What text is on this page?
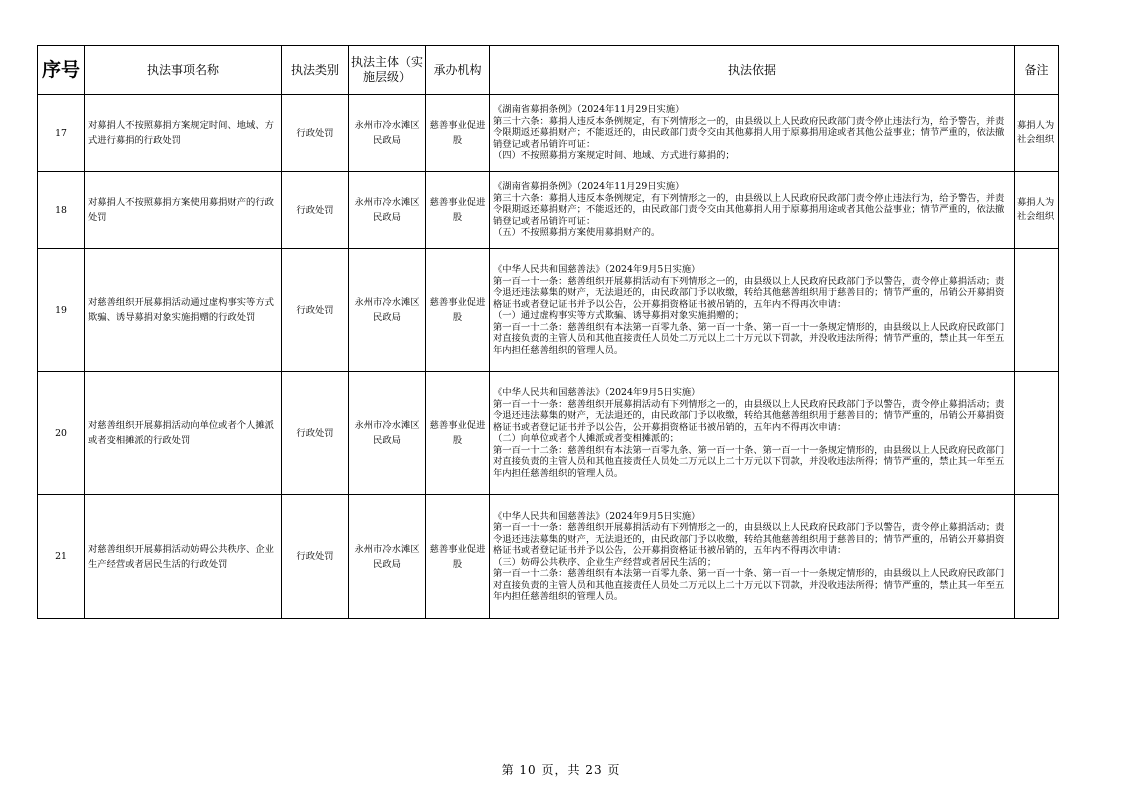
序号	执法事项名称	执法类别	执法主体（实施层级）	承办机构	执法依据	备注
17	对募捐人不按照募捐方案规定时间、地域、方式进行募捐的行政处罚	行政处罚	永州市冷水滩区民政局	慈善事业促进股	《湖南省募捐条例》（2024年11月29日实施）
第三十六条：募捐人违反本条例规定，有下列情形之一的，由县级以上人民政府民政部门责令停止违法行为，给予警告，并责令限期返还募捐财产；不能返还的，由民政部门责令交由其他募捐人用于原募捐用途或者其他公益事业；情节严重的，依法撤销登记或者吊销许可证：
（四）不按照募捐方案规定时间、地域、方式进行募捐的；	募捐人为社会组织
18	对募捐人不按照募捐方案使用募捐财产的行政处罚	行政处罚	永州市冷水滩区民政局	慈善事业促进股	《湖南省募捐条例》（2024年11月29日实施）
第三十六条：募捐人违反本条例规定，有下列情形之一的，由县级以上人民政府民政部门责令停止违法行为，给予警告，并责令限期返还募捐财产；不能返还的，由民政部门责令交由其他募捐人用于原募捐用途或者其他公益事业；情节严重的，依法撤销登记或者吊销许可证：
（五）不按照募捐方案使用募捐财产的。	募捐人为社会组织
19	对慈善组织开展募捐活动通过虚构事实等方式欺骗、诱导募捐对象实施捐赠的行政处罚	行政处罚	永州市冷水滩区民政局	慈善事业促进股	《中华人民共和国慈善法》（2024年9月5日实施）
第一百一十一条：慈善组织开展募捐活动有下列情形之一的，由县级以上人民政府民政部门予以警告，责令停止募捐活动；责令退还违法募集的财产，无法退还的，由民政部门予以收缴，转给其他慈善组织用于慈善目的；情节严重的，吊销公开募捐资格证书或者登记证书并予以公告，公开募捐资格证书被吊销的，五年内不得再次申请：
（一）通过虚构事实等方式欺骗、诱导募捐对象实施捐赠的；
第一百一十二条：慈善组织有本法第一百零九条、第一百一十条、第一百一十一条规定情形的，由县级以上人民政府民政部门对直接负责的主管人员和其他直接责任人员处二万元以上二十万元以下罚款，并没收违法所得；情节严重的，禁止其一年至五年内担任慈善组织的管理人员。	

20	对慈善组织开展募捐活动向单位或者个人摊派或者变相摊派的行政处罚	行政处罚	永州市冷水滩区民政局	慈善事业促进股	《中华人民共和国慈善法》（2024年9月5日实施）
第一百一十一条：慈善组织开展募捐活动有下列情形之一的，由县级以上人民政府民政部门予以警告，责令停止募捐活动；责令退还违法募集的财产，无法退还的，由民政部门予以收缴，转给其他慈善组织用于慈善目的；情节严重的，吊销公开募捐资格证书或者登记证书并予以公告，公开募捐资格证书被吊销的，五年内不得再次申请：
（二）向单位或者个人摊派或者变相摊派的；
第一百一十二条：慈善组织有本法第一百零九条、第一百一十条、第一百一十一条规定情形的，由县级以上人民政府民政部门对直接负责的主管人员和其他直接责任人员处二万元以上二十万元以下罚款，并没收违法所得；情节严重的，禁止其一年至五年内担任慈善组织的管理人员。	

21	对慈善组织开展募捐活动妨碍公共秩序、企业生产经营或者居民生活的行政处罚	行政处罚	永州市冷水滩区民政局	慈善事业促进股	《中华人民共和国慈善法》（2024年9月5日实施）
第一百一十一条：慈善组织开展募捐活动有下列情形之一的，由县级以上人民政府民政部门予以警告，责令停止募捐活动；责令退还违法募集的财产，无法退还的，由民政部门予以收缴，转给其他慈善组织用于慈善目的；情节严重的，吊销公开募捐资格证书或者登记证书并予以公告，公开募捐资格证书被吊销的，五年内不得再次申请：
（三）妨碍公共秩序、企业生产经营或者居民生活的；
第一百一十二条：慈善组织有本法第一百零九条、第一百一十条、第一百一十一条规定情形的，由县级以上人民政府民政部门对直接负责的主管人员和其他直接责任人员处二万元以上二十万元以下罚款，并没收违法所得；情节严重的，禁止其一年至五年内担任慈善组织的管理人员。	

第 10 页，共 23 页
